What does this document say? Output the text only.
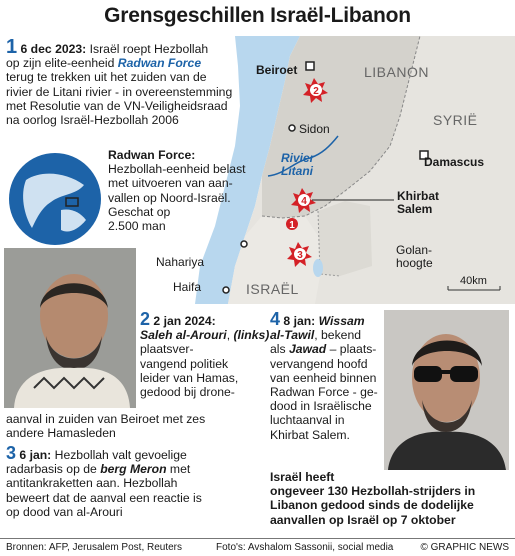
Grensgeschillen Israël-Libanon
2
4
1
3
Beiroet	LIBANON
SYRIË
Sidon
Rivier
Litani
Damascus
Khirbat
Salem
Nahariya
Golan-
hoogte
Haifa	ISRAËL	40km
1 6 dec 2023: Israël roept Hezbollah
op zijn elite-eenheid Radwan Force
terug te trekken uit het zuiden van de
rivier de Litani rivier - in overeenstemming
met Resolutie van de VN-Veiligheidsraad
na oorlog Israël-Hezbollah 2006
Radwan Force:
Hezbollah-eenheid belast
met uitvoeren van aan-
vallen op Noord-Israël.
Geschat op
2.500 man
2 2 jan 2024:
Saleh al-Arouri, (links) plaatsver-
vangend politiek
leider van Hamas,
gedood bij drone-
aanval in zuiden van Beiroet met zes
andere Hamasleden
3 6 jan: Hezbollah valt gevoelige
radarbasis op de berg Meron met
antitankraketten aan. Hezbollah
beweert dat de aanval een reactie is
op dood van al-Arouri
4 8 jan: Wissam
al-Tawil, bekend
als Jawad – plaats-
vervangend hoofd
van eenheid binnen
Radwan Force - ge-
dood in Israëlische
luchtaanval in
Khirbat Salem.
Israël heeft
ongeveer 130 Hezbollah-strijders in
Libanon gedood sinds de dodelijke
aanvallen op Israël op 7 oktober
Bronnen: AFP, Jerusalem Post, Reuters	Foto's: Avshalom Sassonii, social media	© GRAPHIC NEWS
